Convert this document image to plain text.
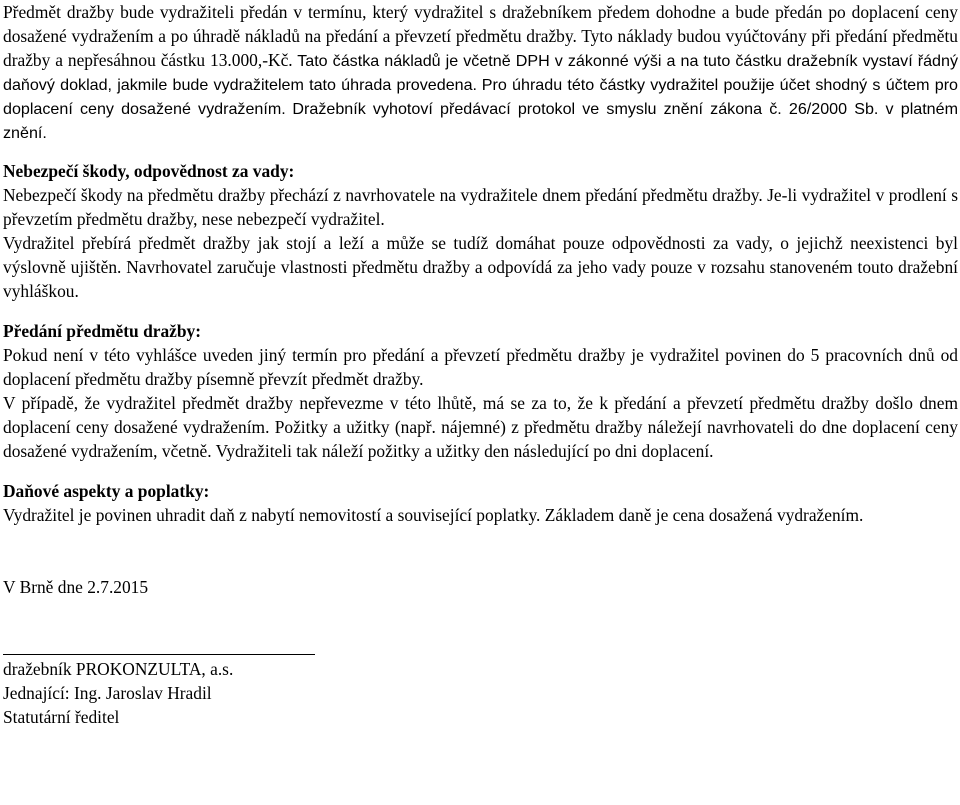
Předmět dražby bude vydražiteli předán v termínu, který vydražitel s dražebníkem předem dohodne a bude předán po doplacení ceny dosažené vydražením a po úhradě nákladů na předání a převzetí předmětu dražby. Tyto náklady budou vyúčtovány při předání předmětu dražby a nepřesáhnou částku 13.000,-Kč. Tato částka nákladů je včetně DPH v zákonné výši a na tuto částku dražebník vystaví řádný daňový doklad, jakmile bude vydražitelem tato úhrada provedena. Pro úhradu této částky vydražitel použije účet shodný s účtem pro doplacení ceny dosažené vydražením. Dražebník vyhotoví předávací protokol ve smyslu znění zákona č. 26/2000 Sb. v platném znění.

Nebezpečí škody, odpovědnost za vady:

Nebezpečí škody na předmětu dražby přechází z navrhovatele na vydražitele dnem předání předmětu dražby. Je-li vydražitel v prodlení s převzetím předmětu dražby, nese nebezpečí vydražitel.

Vydražitel přebírá předmět dražby jak stojí a leží a může se tudíž domáhat pouze odpovědnosti za vady, o jejichž neexistenci byl výslovně ujištěn. Navrhovatel zaručuje vlastnosti předmětu dražby a odpovídá za jeho vady pouze v rozsahu stanoveném touto dražební vyhláškou.

Předání předmětu dražby:

Pokud není v této vyhlášce uveden jiný termín pro předání a převzetí předmětu dražby je vydražitel povinen do 5 pracovních dnů od doplacení předmětu dražby písemně převzít předmět dražby.

V případě, že vydražitel předmět dražby nepřevezme v této lhůtě, má se za to, že k předání a převzetí předmětu dražby došlo dnem doplacení ceny dosažené vydražením. Požitky a užitky (např. nájemné) z předmětu dražby náležejí navrhovateli do dne doplacení ceny dosažené vydražením, včetně. Vydražiteli tak náleží požitky a užitky den následující po dni doplacení.

Daňové aspekty a poplatky:

Vydražitel je povinen uhradit daň z nabytí nemovitostí a související poplatky. Základem daně je cena dosažená vydražením.

V Brně dne 2.7.2015

dražebník PROKONZULTA, a.s.

Jednající: Ing. Jaroslav Hradil

Statutární ředitel
